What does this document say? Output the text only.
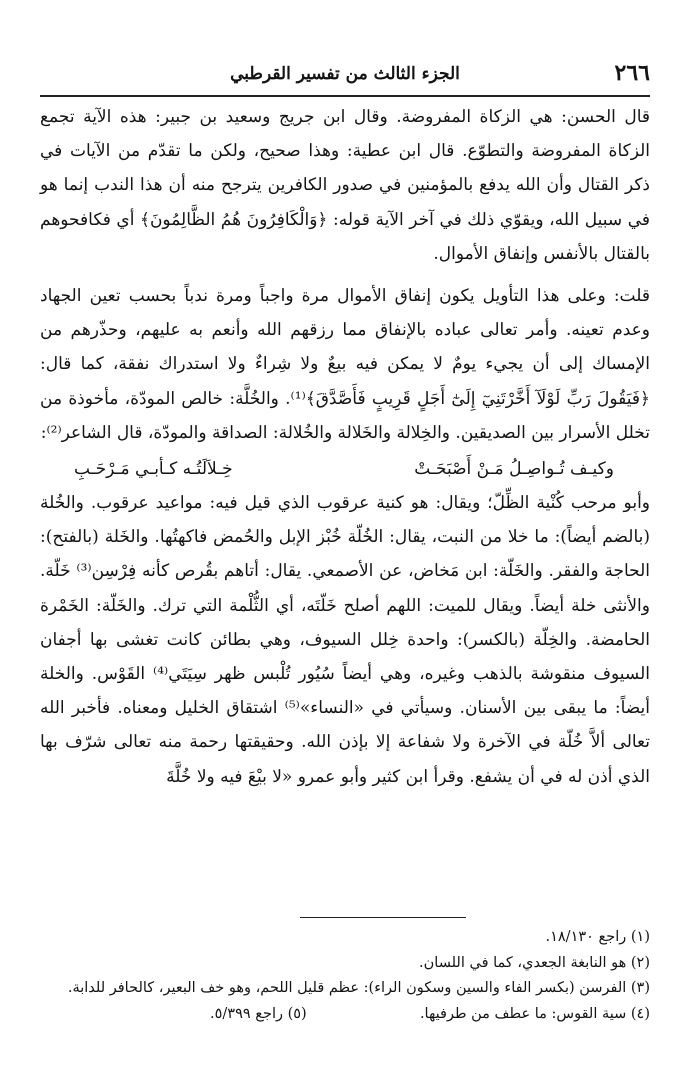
٢٦٦
الجزء الثالث من تفسير القرطبي

قال الحسن: هي الزكاة المفروضة. وقال ابن جريج وسعيد بن جبير: هذه الآية تجمع الزكاة المفروضة والتطوّع. قال ابن عطية: وهذا صحيح، ولكن ما تقدّم من الآيات في ذكر القتال وأن الله يدفع بالمؤمنين في صدور الكافرين يترجح منه أن هذا الندب إنما هو في سبيل الله، ويقوّي ذلك في آخر الآية قوله: ﴿وَالْكَافِرُونَ هُمُ الظَّالِمُونَ﴾ أي فكافحوهم بالقتال بالأنفس وإنفاق الأموال.

قلت: وعلى هذا التأويل يكون إنفاق الأموال مرة واجباً ومرة ندباً بحسب تعين الجهاد وعدم تعينه. وأمر تعالى عباده بالإنفاق مما رزقهم الله وأنعم به عليهم، وحذّرهم من الإمساك إلى أن يجيء يومٌ لا يمكن فيه بيعٌ ولا شِراءٌ ولا استدراك نفقة، كما قال: ﴿فَيَقُولَ رَبِّ لَوْلَآ أَخَّرْتَنِيٓ إِلَىٰٓ أَجَلٍ قَرِيبٍ فَأَصَّدَّقَ﴾⁽¹⁾. والخُلَّة: خالص المودّة، مأخوذة من تخلل الأسرار بين الصديقين. والخِلالة والخَلالة والخُلالة: الصداقة والمودّة، قال الشاعر⁽²⁾:

وكيـف تُـواصِـلُ مَـنْ أَصْبَحَـتْ
خِـلاَلَتُـه كـأبـي مَـرْحَـبِ

وأبو مرحب كُنْية الظِّلّ؛ ويقال: هو كنية عرقوب الذي قيل فيه: مواعيد عرقوب. والخُلة (بالضم أيضاً): ما خلا من النبت، يقال: الخُلّة خُبْز الإبل والحُمض فاكهتُها. والخَلة (بالفتح): الحاجة والفقر. والخَلّة: ابن مَخاض، عن الأصمعي. يقال: أتاهم بقُرص كأنه فِرْسِن⁽³⁾ خَلّة. والأنثى خلة أيضاً. ويقال للميت: اللهم أصلح خَلّتَه، أي الثُّلْمة التي ترك. والخَلّة: الخَمْرة الحامضة. والخِلّة (بالكسر): واحدة خِلل السيوف، وهي بطائن كانت تغشى بها أجفان السيوف منقوشة بالذهب وغيره، وهي أيضاً سُيُور تُلْبس ظهر سِيَتَي⁽⁴⁾ القَوْس. والخلة أيضاً: ما يبقى بين الأسنان. وسيأتي في «النساء»⁽⁵⁾ اشتقاق الخليل ومعناه. فأخبر الله تعالى ألاَّ خُلّة في الآخرة ولا شفاعة إلا بإذن الله. وحقيقتها رحمة منه تعالى شرّف بها الذي أذن له في أن يشفع. وقرأ ابن كثير وأبو عمرو «لا بيْعَ فيه ولا خُلَّةَ

(١) راجع ١٨/١٣٠.

(٢) هو النابغة الجعدي، كما في اللسان.

(٣) الفرسن (بكسر الفاء والسين وسكون الراء): عظم قليل اللحم، وهو خف البعير، كالحافر للدابة.

(٤) سية القوس: ما عطف من طرفيها.
(٥) راجع ٥/٣٩٩.
